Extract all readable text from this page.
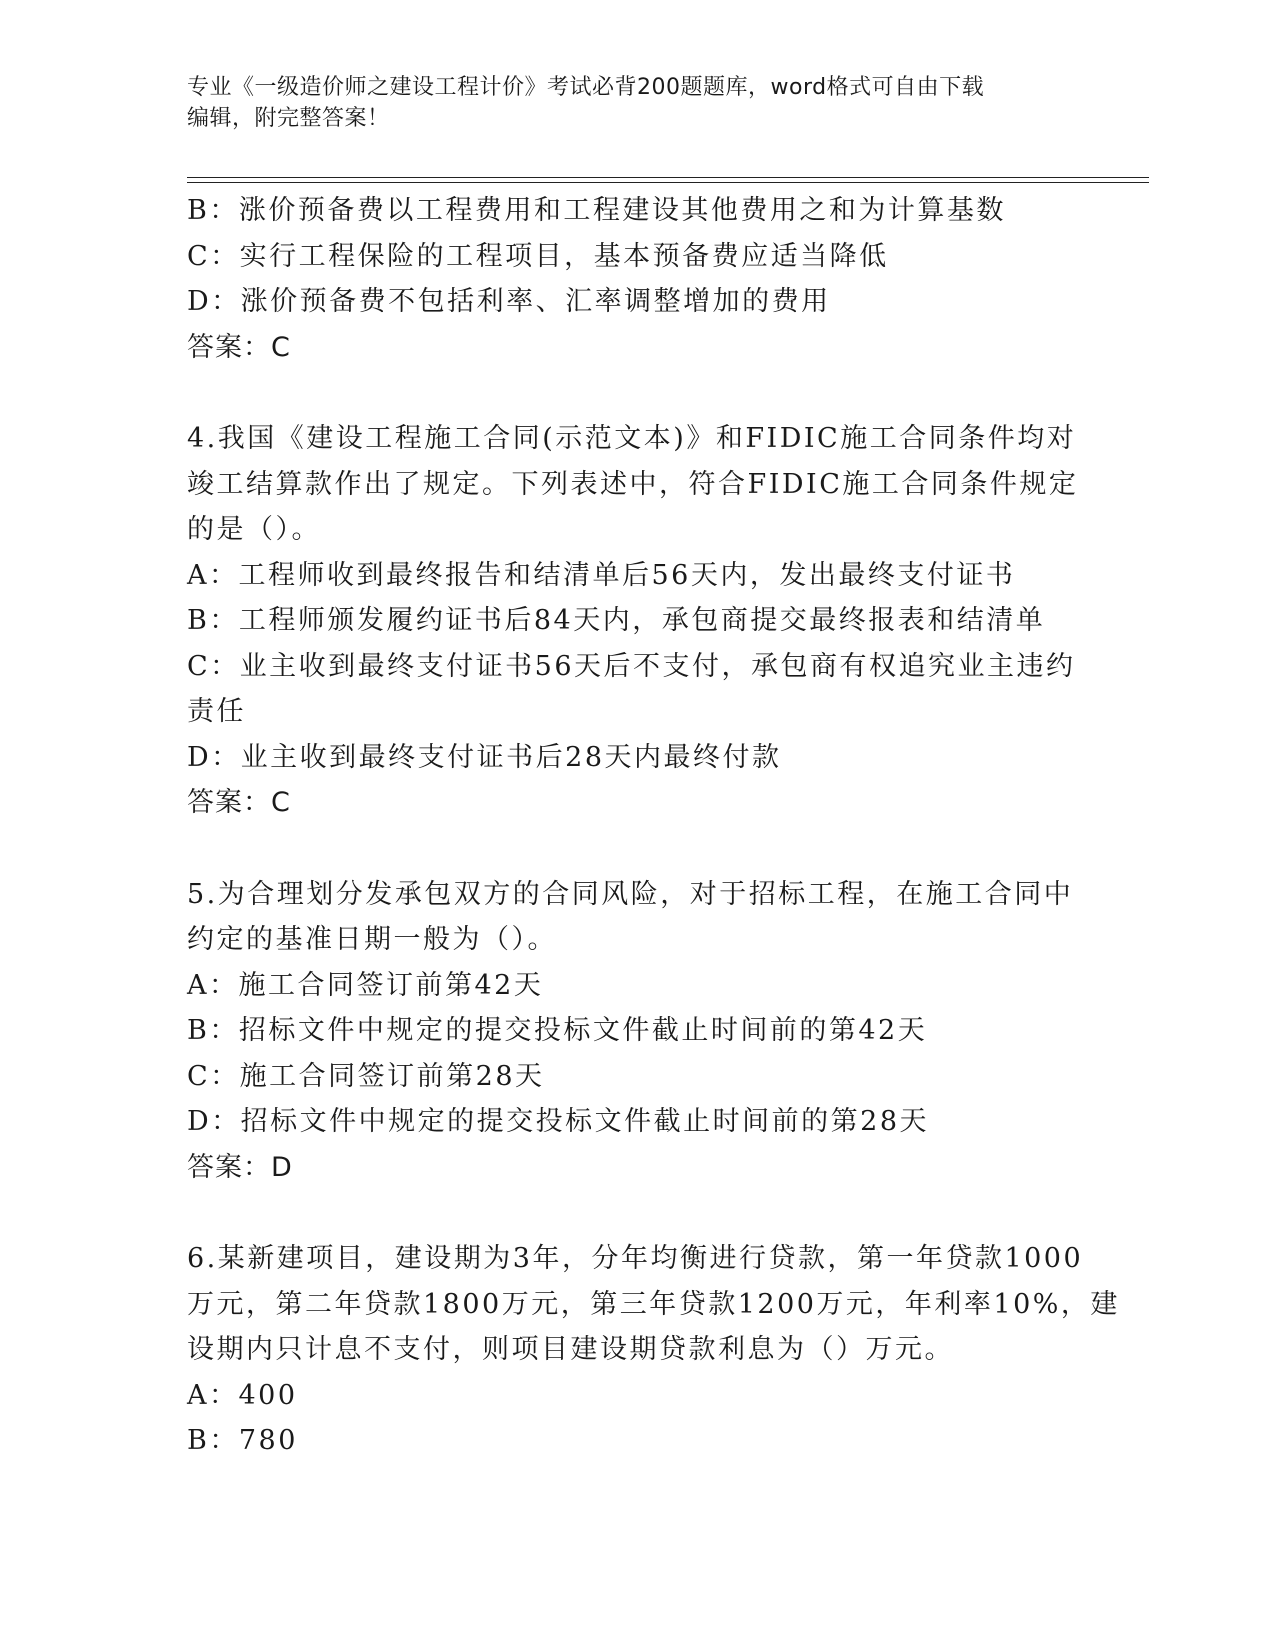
专业《一级造价师之建设工程计价》考试必背200题题库，word格式可自由下载
编辑，附完整答案！
B：涨价预备费以工程费用和工程建设其他费用之和为计算基数
C：实行工程保险的工程项目，基本预备费应适当降低
D：涨价预备费不包括利率、汇率调整增加的费用
答案：C
4.我国《建设工程施工合同(示范文本)》和FIDIC施工合同条件均对
竣工结算款作出了规定。下列表述中，符合FIDIC施工合同条件规定
的是（）。
A：工程师收到最终报告和结清单后56天内，发出最终支付证书
B：工程师颁发履约证书后84天内，承包商提交最终报表和结清单
C：业主收到最终支付证书56天后不支付，承包商有权追究业主违约
责任
D：业主收到最终支付证书后28天内最终付款
答案：C
5.为合理划分发承包双方的合同风险，对于招标工程，在施工合同中
约定的基准日期一般为（）。
A：施工合同签订前第42天
B：招标文件中规定的提交投标文件截止时间前的第42天
C：施工合同签订前第28天
D：招标文件中规定的提交投标文件截止时间前的第28天
答案：D
6.某新建项目，建设期为3年，分年均衡进行贷款，第一年贷款1000
万元，第二年贷款1800万元，第三年贷款1200万元，年利率10%，建
设期内只计息不支付，则项目建设期贷款利息为（）万元。
A：400
B：780
